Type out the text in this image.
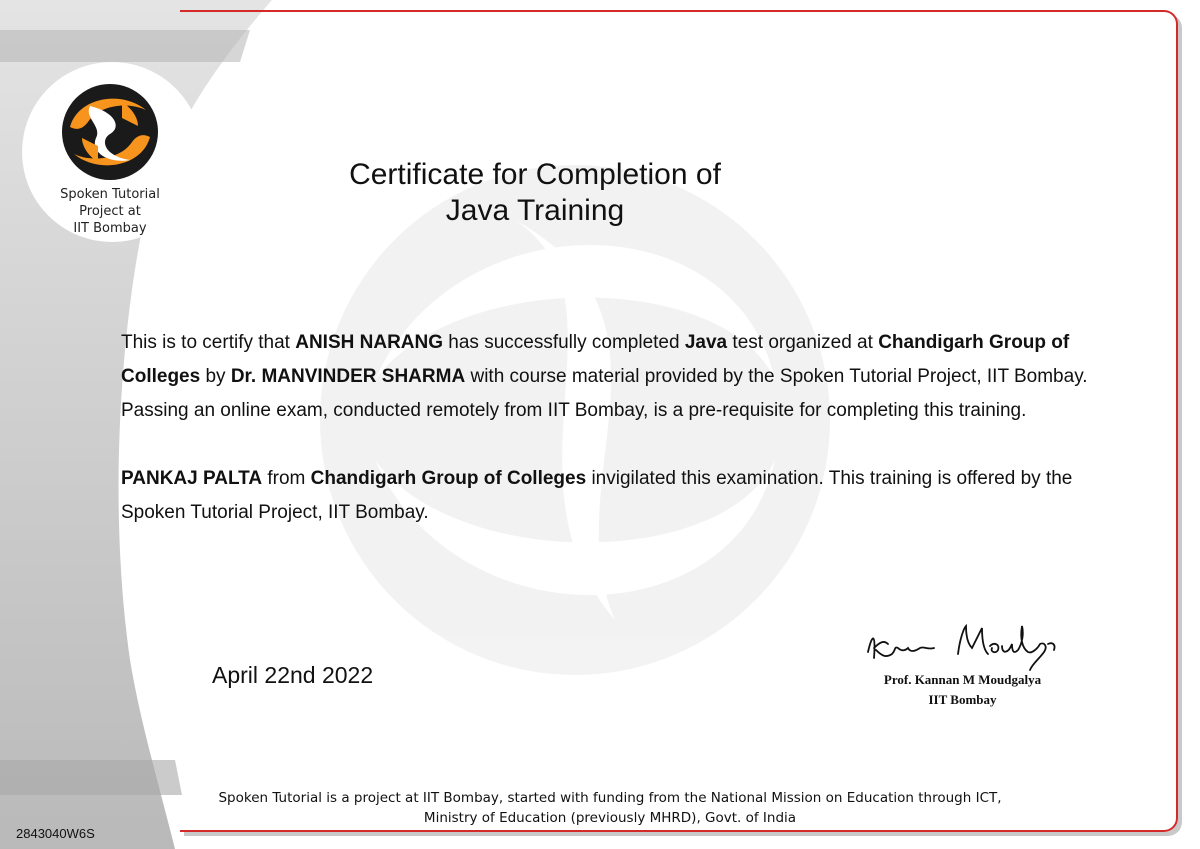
Spoken Tutorial
Project at
IIT Bombay
Certificate for Completion of
Java Training

This is to certify that ANISH NARANG has successfully completed Java test organized at Chandigarh Group of Colleges by Dr. MANVINDER SHARMA with course material provided by the Spoken Tutorial Project, IIT Bombay. Passing an online exam, conducted remotely from IIT Bombay, is a pre-requisite for completing this training.

PANKAJ PALTA from Chandigarh Group of Colleges invigilated this examination. This training is offered by the Spoken Tutorial Project, IIT Bombay.

April 22nd 2022	Prof. Kannan M Moudgalya
IIT Bombay
Spoken Tutorial is a project at IIT Bombay, started with funding from the National Mission on Education through ICT,
Ministry of Education (previously MHRD), Govt. of India
2843040W6S
